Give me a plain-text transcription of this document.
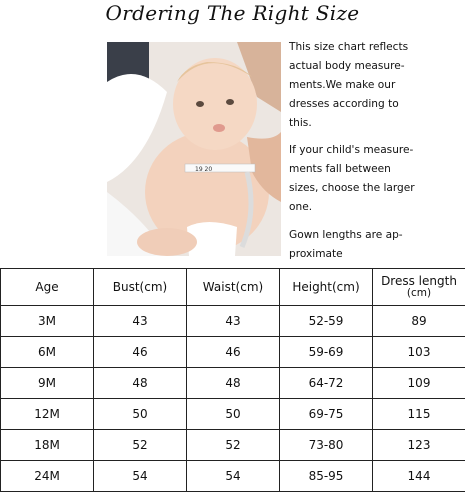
Ordering The Right Size
19 20

This size chart reflects
actual body measure-
ments.We make our
dresses according to
this.

If your child's measure-
ments fall between
sizes, choose the larger
one.

Gown lengths are ap-
proximate

Age	Bust(cm)	Waist(cm)	Height(cm)	Dress length
(cm)

3M	43	43	52-59	89
6M	46	46	59-69	103
9M	48	48	64-72	109
12M	50	50	69-75	115
18M	52	52	73-80	123
24M	54	54	85-95	144
